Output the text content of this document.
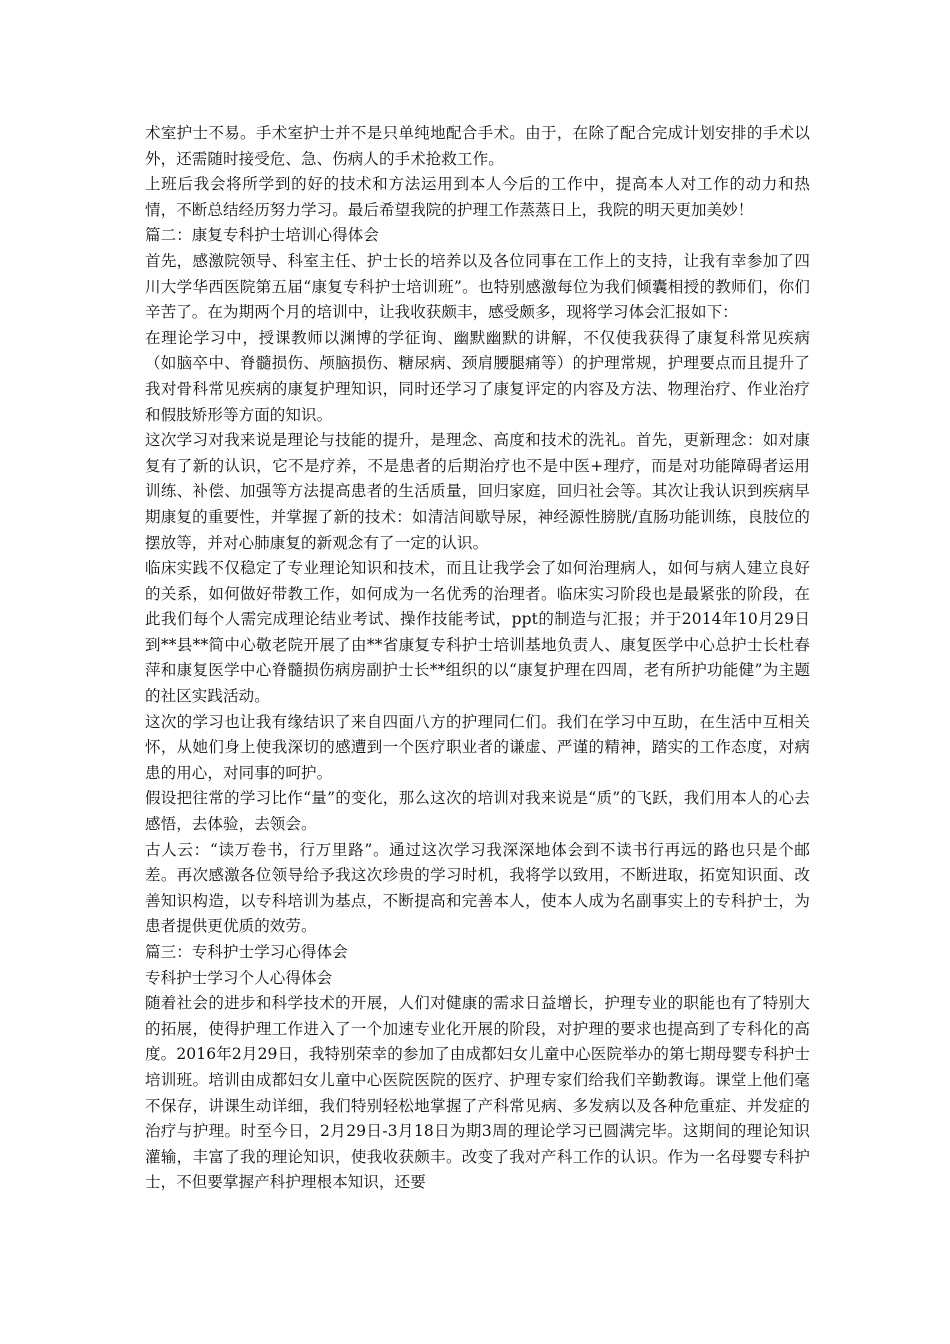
术室护士不易。手术室护士并不是只单纯地配合手术。由于，在除了配合完成计划安排的手术以外，还需随时接受危、急、伤病人的手术抢救工作。

上班后我会将所学到的好的技术和方法运用到本人今后的工作中，提高本人对工作的动力和热情，不断总结经历努力学习。最后希望我院的护理工作蒸蒸日上，我院的明天更加美妙！

篇二：康复专科护士培训心得体会

首先，感激院领导、科室主任、护士长的培养以及各位同事在工作上的支持，让我有幸参加了四川大学华西医院第五届“康复专科护士培训班”。也特别感激每位为我们倾囊相授的教师们，你们辛苦了。在为期两个月的培训中，让我收获颇丰，感受颇多，现将学习体会汇报如下：

在理论学习中，授课教师以渊博的学征询、幽默幽默的讲解，不仅使我获得了康复科常见疾病（如脑卒中、脊髓损伤、颅脑损伤、糖尿病、颈肩腰腿痛等）的护理常规，护理要点而且提升了我对骨科常见疾病的康复护理知识，同时还学习了康复评定的内容及方法、物理治疗、作业治疗和假肢矫形等方面的知识。

这次学习对我来说是理论与技能的提升，是理念、高度和技术的洗礼。首先，更新理念：如对康复有了新的认识，它不是疗养，不是患者的后期治疗也不是中医+理疗，而是对功能障碍者运用训练、补偿、加强等方法提高患者的生活质量，回归家庭，回归社会等。其次让我认识到疾病早期康复的重要性，并掌握了新的技术：如清洁间歇导尿，神经源性膀胱/直肠功能训练，良肢位的摆放等，并对心肺康复的新观念有了一定的认识。

临床实践不仅稳定了专业理论知识和技术，而且让我学会了如何治理病人，如何与病人建立良好的关系，如何做好带教工作，如何成为一名优秀的治理者。临床实习阶段也是最紧张的阶段，在此我们每个人需完成理论结业考试、操作技能考试，ppt的制造与汇报；并于2014年10月29日到**县**简中心敬老院开展了由**省康复专科护士培训基地负责人、康复医学中心总护士长杜春萍和康复医学中心脊髓损伤病房副护士长**组织的以“康复护理在四周，老有所护功能健”为主题的社区实践活动。

这次的学习也让我有缘结识了来自四面八方的护理同仁们。我们在学习中互助，在生活中互相关怀，从她们身上使我深切的感遭到一个医疗职业者的谦虚、严谨的精神，踏实的工作态度，对病患的用心，对同事的呵护。

假设把往常的学习比作“量”的变化，那么这次的培训对我来说是“质”的飞跃，我们用本人的心去感悟，去体验，去领会。

古人云：“读万卷书，行万里路”。通过这次学习我深深地体会到不读书行再远的路也只是个邮差。再次感激各位领导给予我这次珍贵的学习时机，我将学以致用，不断进取，拓宽知识面、改善知识构造，以专科培训为基点，不断提高和完善本人，使本人成为名副事实上的专科护士，为患者提供更优质的效劳。

篇三：专科护士学习心得体会

专科护士学习个人心得体会

随着社会的进步和科学技术的开展，人们对健康的需求日益增长，护理专业的职能也有了特别大的拓展，使得护理工作进入了一个加速专业化开展的阶段，对护理的要求也提高到了专科化的高度。2016年2月29日，我特别荣幸的参加了由成都妇女儿童中心医院举办的第七期母婴专科护士培训班。培训由成都妇女儿童中心医院医院的医疗、护理专家们给我们辛勤教诲。课堂上他们毫不保存，讲课生动详细，我们特别轻松地掌握了产科常见病、多发病以及各种危重症、并发症的治疗与护理。时至今日，2月29日-3月18日为期3周的理论学习已圆满完毕。这期间的理论知识灌输，丰富了我的理论知识，使我收获颇丰。改变了我对产科工作的认识。作为一名母婴专科护士，不但要掌握产科护理根本知识，还要
